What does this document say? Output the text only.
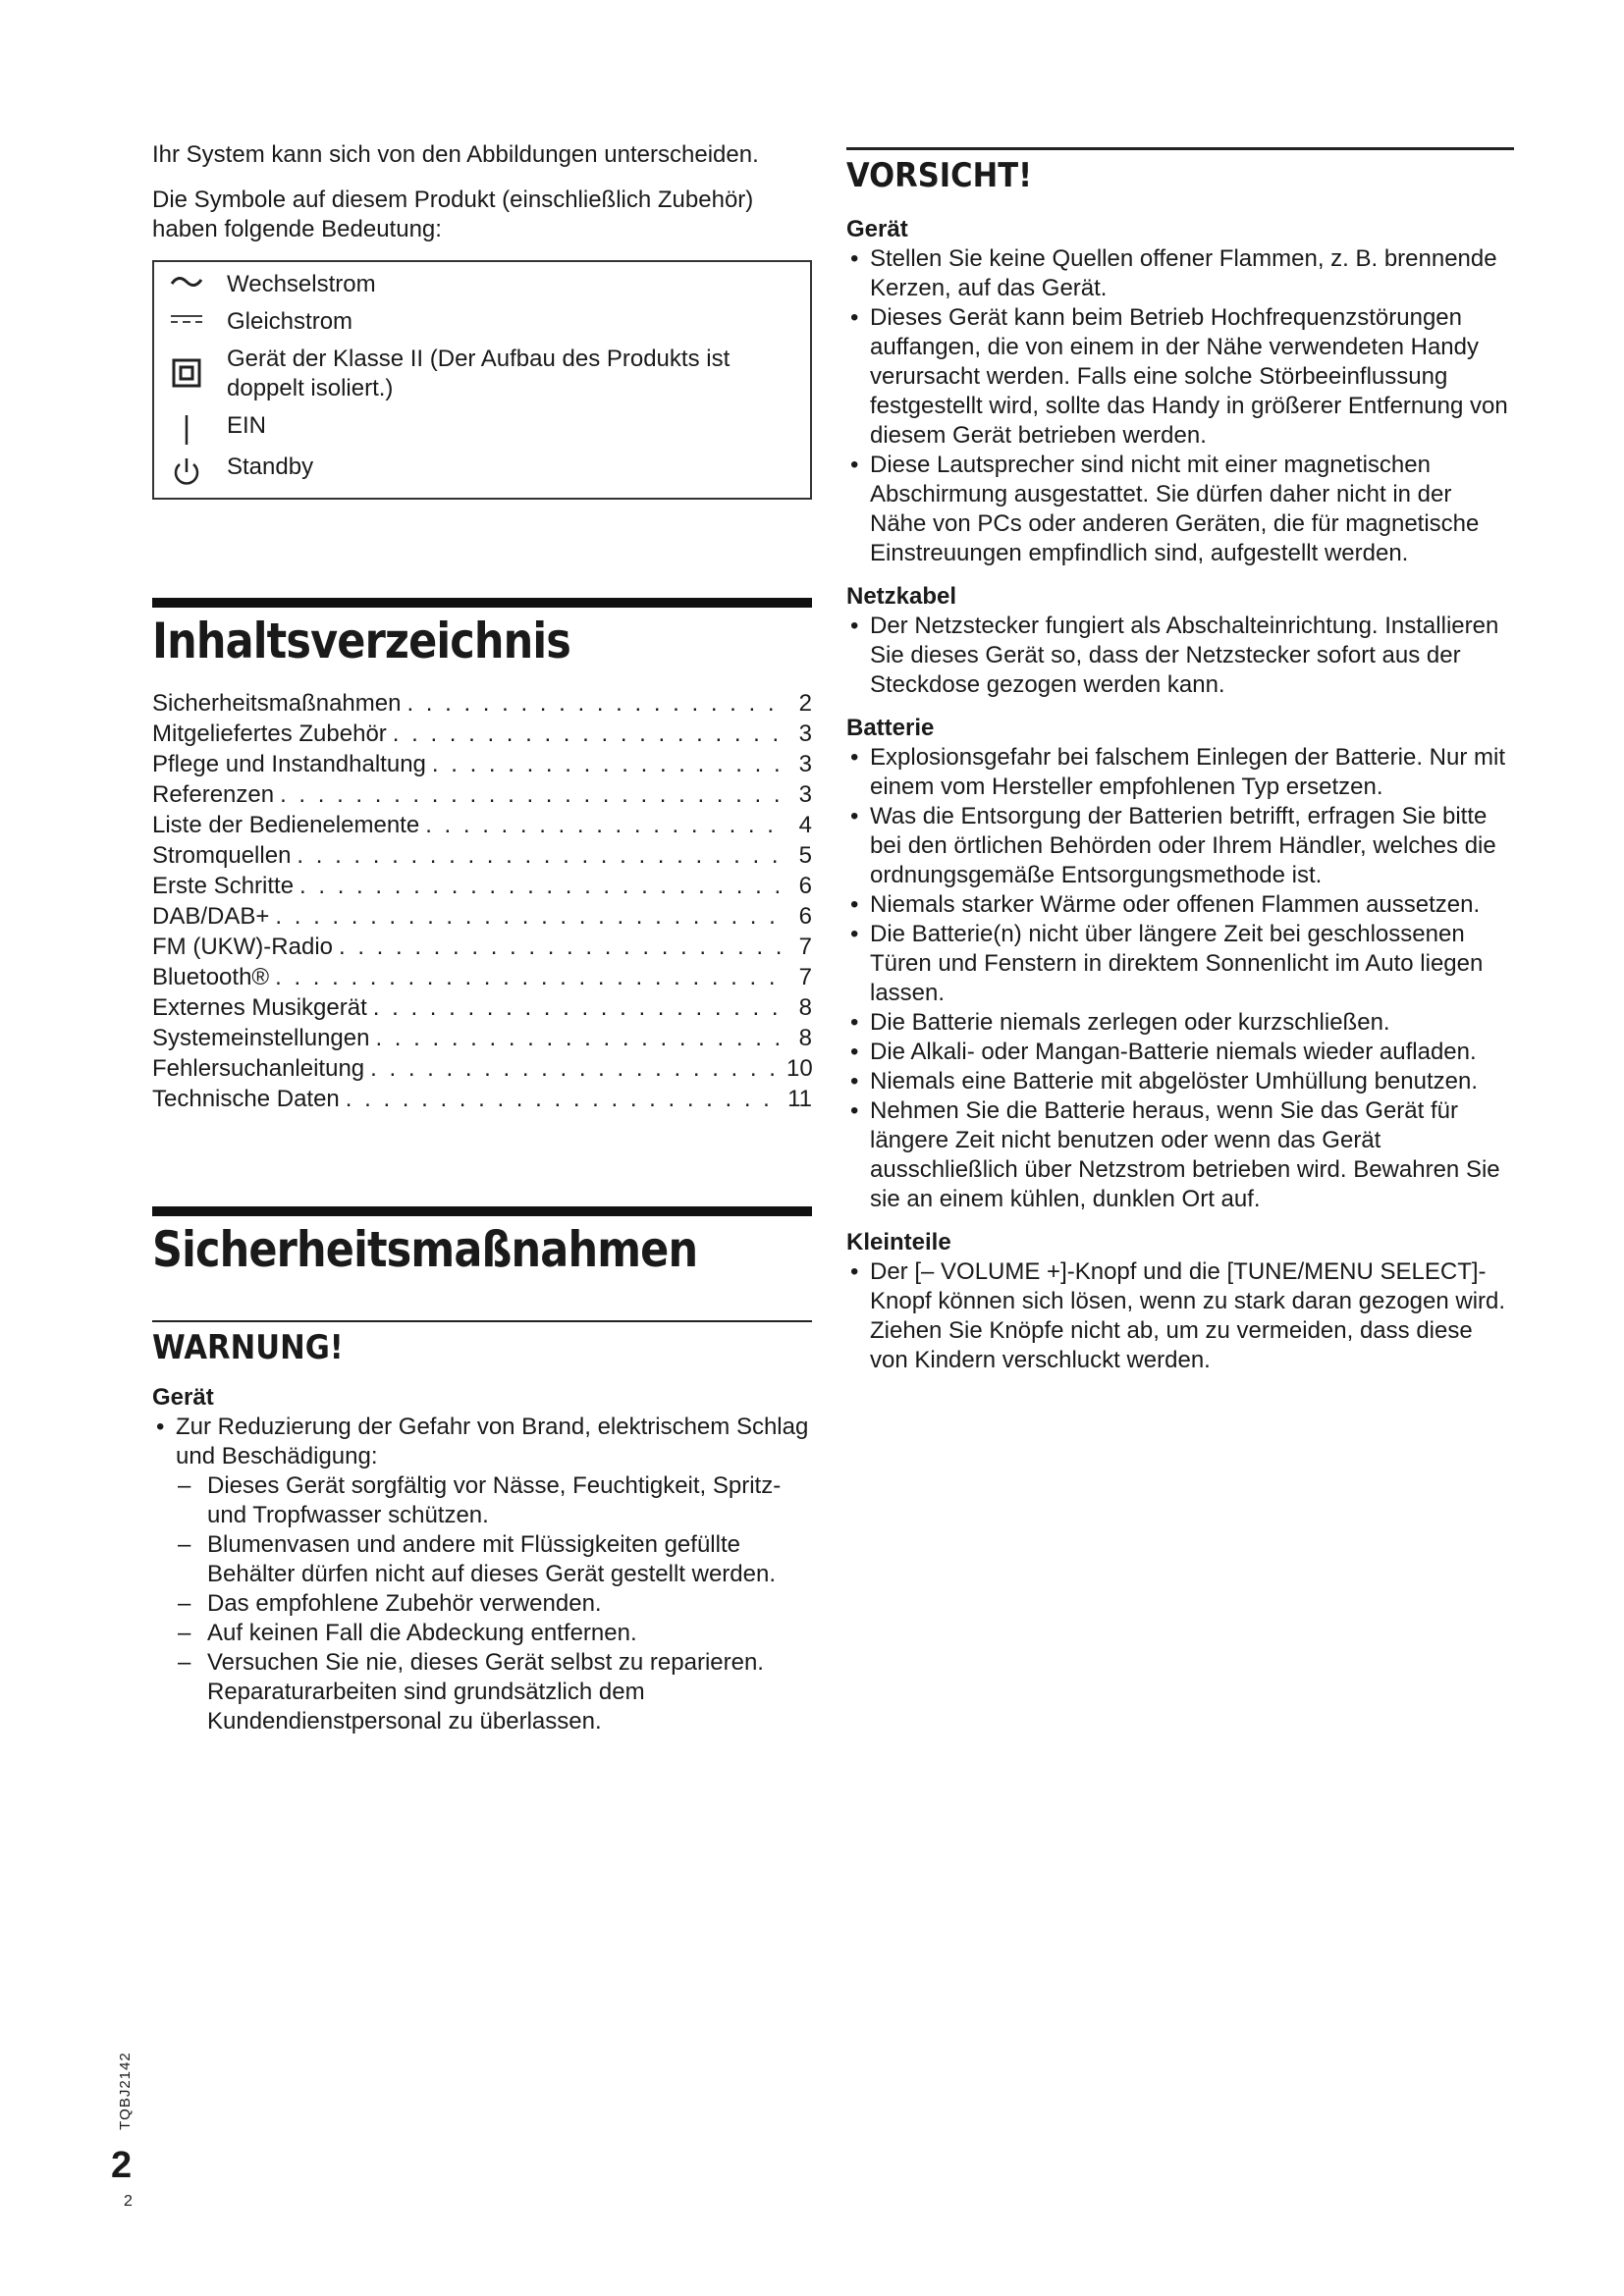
Ihr System kann sich von den Abbildungen unterscheiden.

Die Symbole auf diesem Produkt (einschließlich Zubehör) haben folgende Bedeutung:

Wechselstrom
Gleichstrom
Gerät der Klasse II (Der Aufbau des Produkts ist doppelt isoliert.)
EIN
Standby
Inhaltsverzeichnis
Sicherheitsmaßnahmen . . .	2
Mitgeliefertes Zubehör . . .	3
Pflege und Instandhaltung . . .	3
Referenzen . . .	3
Liste der Bedienelemente . . .	4
Stromquellen . . .	5
Erste Schritte . . .	6
DAB/DAB+ . . .	6
FM (UKW)-Radio . . .	7
Bluetooth® . . .	7
Externes Musikgerät . . .	8
Systemeinstellungen . . .	8
Fehlersuchanleitung . . .	10
Technische Daten . . .	11
Sicherheitsmaßnahmen
WARNUNG!
Gerät
• Zur Reduzierung der Gefahr von Brand, elektrischem Schlag und Beschädigung:
– Dieses Gerät sorgfältig vor Nässe, Feuchtigkeit, Spritz- und Tropfwasser schützen.
– Blumenvasen und andere mit Flüssigkeiten gefüllte Behälter dürfen nicht auf dieses Gerät gestellt werden.
– Das empfohlene Zubehör verwenden.
– Auf keinen Fall die Abdeckung entfernen.
– Versuchen Sie nie, dieses Gerät selbst zu reparieren. Reparaturarbeiten sind grundsätzlich dem Kundendienstpersonal zu überlassen.
VORSICHT!
Gerät
• Stellen Sie keine Quellen offener Flammen, z. B. brennende Kerzen, auf das Gerät.
• Dieses Gerät kann beim Betrieb Hochfrequenzstörungen auffangen, die von einem in der Nähe verwendeten Handy verursacht werden. Falls eine solche Störbeeinflussung festgestellt wird, sollte das Handy in größerer Entfernung von diesem Gerät betrieben werden.
• Diese Lautsprecher sind nicht mit einer magnetischen Abschirmung ausgestattet. Sie dürfen daher nicht in der Nähe von PCs oder anderen Geräten, die für magnetische Einstreuungen empfindlich sind, aufgestellt werden.
Netzkabel
• Der Netzstecker fungiert als Abschalteinrichtung. Installieren Sie dieses Gerät so, dass der Netzstecker sofort aus der Steckdose gezogen werden kann.
Batterie
• Explosionsgefahr bei falschem Einlegen der Batterie. Nur mit einem vom Hersteller empfohlenen Typ ersetzen.
• Was die Entsorgung der Batterien betrifft, erfragen Sie bitte bei den örtlichen Behörden oder Ihrem Händler, welches die ordnungsgemäße Entsorgungsmethode ist.
• Niemals starker Wärme oder offenen Flammen aussetzen.
• Die Batterie(n) nicht über längere Zeit bei geschlossenen Türen und Fenstern in direktem Sonnenlicht im Auto liegen lassen.
• Die Batterie niemals zerlegen oder kurzschließen.
• Die Alkali- oder Mangan-Batterie niemals wieder aufladen.
• Niemals eine Batterie mit abgelöster Umhüllung benutzen.
• Nehmen Sie die Batterie heraus, wenn Sie das Gerät für längere Zeit nicht benutzen oder wenn das Gerät ausschließlich über Netzstrom betrieben wird. Bewahren Sie sie an einem kühlen, dunklen Ort auf.
Kleinteile
• Der [– VOLUME +]-Knopf und die [TUNE/MENU SELECT]-Knopf können sich lösen, wenn zu stark daran gezogen wird. Ziehen Sie Knöpfe nicht ab, um zu vermeiden, dass diese von Kindern verschluckt werden.
TQBJ2142
2
2
